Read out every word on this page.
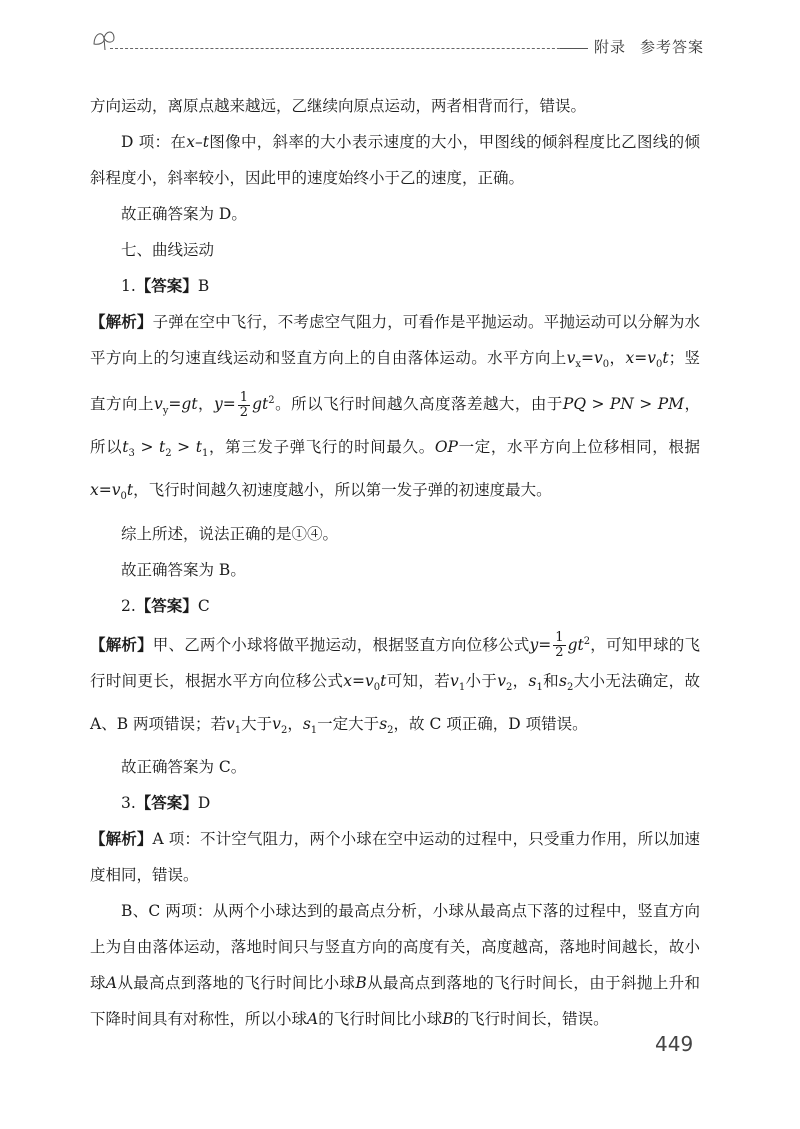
附录 参考答案

方向运动，离原点越来越远，乙继续向原点运动，两者相背而行，错误。

D 项：在x–t图像中，斜率的大小表示速度的大小，甲图线的倾斜程度比乙图线的倾斜程度小，斜率较小，因此甲的速度始终小于乙的速度，正确。

故正确答案为 D。

七、曲线运动

1.【答案】B

【解析】子弹在空中飞行，不考虑空气阻力，可看作是平抛运动。平抛运动可以分解为水平方向上的匀速直线运动和竖直方向上的自由落体运动。水平方向上$v_x=v_0$，$x=v_0t$；竖直方向上$v_y=gt$，$y= \frac{1}{2} gt^2$。所以飞行时间越久高度落差越大，由于PQ > PN > PM，所以$t_3 > t_2 > t_1$，第三发子弹飞行的时间最久。OP一定，水平方向上位移相同，根据$x=v_0t$，飞行时间越久初速度越小，所以第一发子弹的初速度最大。

综上所述，说法正确的是①④。

故正确答案为 B。

2.【答案】C

【解析】甲、乙两个小球将做平抛运动，根据竖直方向位移公式$y= \frac{1}{2} gt^2$，可知甲球的飞行时间更长，根据水平方向位移公式$x=v_0t$可知，若$v_1$小于$v_2$，$s_1$和$s_2$大小无法确定，故 A、B 两项错误；若$v_1$大于$v_2$，$s_1$一定大于$s_2$，故 C 项正确，D 项错误。

故正确答案为 C。

3.【答案】D

【解析】A 项：不计空气阻力，两个小球在空中运动的过程中，只受重力作用，所以加速度相同，错误。

B、C 两项：从两个小球达到的最高点分析，小球从最高点下落的过程中，竖直方向上为自由落体运动，落地时间只与竖直方向的高度有关，高度越高，落地时间越长，故小球A从最高点到落地的飞行时间比小球B从最高点到落地的飞行时间长，由于斜抛上升和下降时间具有对称性，所以小球A的飞行时间比小球B的飞行时间长，错误。

449
